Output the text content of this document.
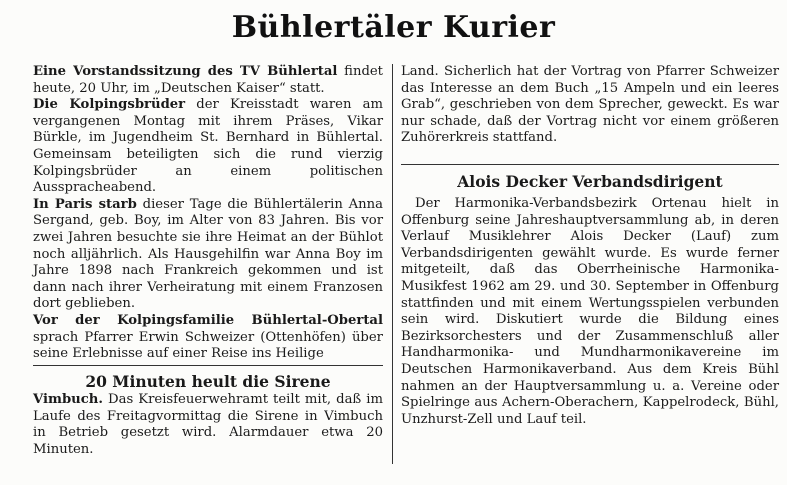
Bühlertäler Kurier

Eine Vorstandssitzung des TV Bühlertal findet heute, 20 Uhr, im „Deutschen Kaiser“ statt.

Die Kolpingsbrüder der Kreisstadt waren am vergangenen Montag mit ihrem Präses, Vikar Bürkle, im Jugendheim St. Bernhard in Bühlertal. Gemeinsam beteiligten sich die rund vierzig Kolpingsbrüder an einem politischen Ausspracheabend.

In Paris starb dieser Tage die Bühlertälerin Anna Sergand, geb. Boy, im Alter von 83 Jahren. Bis vor zwei Jahren besuchte sie ihre Heimat an der Bühlot noch alljährlich. Als Hausgehilfin war Anna Boy im Jahre 1898 nach Frankreich gekommen und ist dann nach ihrer Verheiratung mit einem Franzosen dort geblieben.

Vor der Kolpingsfamilie Bühlertal-Obertal sprach Pfarrer Erwin Schweizer (Ottenhöfen) über seine Erlebnisse auf einer Reise ins Heilige

20 Minuten heult die Sirene

Vimbuch. Das Kreisfeuerwehramt teilt mit, daß im Laufe des Freitagvormittag die Sirene in Vimbuch in Betrieb gesetzt wird. Alarmdauer etwa 20 Minuten.

Land. Sicherlich hat der Vortrag von Pfarrer Schweizer das Interesse an dem Buch „15 Ampeln und ein leeres Grab“, geschrieben von dem Sprecher, geweckt. Es war nur schade, daß der Vortrag nicht vor einem größeren Zuhörerkreis stattfand.

Alois Decker Verbandsdirigent

Der Harmonika-Verbandsbezirk Ortenau hielt in Offenburg seine Jahreshauptversammlung ab, in deren Verlauf Musiklehrer Alois Decker (Lauf) zum Verbandsdirigenten gewählt wurde. Es wurde ferner mitgeteilt, daß das Oberrheinische Harmonika-Musikfest 1962 am 29. und 30. September in Offenburg stattfinden und mit einem Wertungsspielen verbunden sein wird. Diskutiert wurde die Bildung eines Bezirksorchesters und der Zusammenschluß aller Handharmonika- und Mundharmonikavereine im Deutschen Harmonikaverband. Aus dem Kreis Bühl nahmen an der Hauptversammlung u. a. Vereine oder Spielringe aus Achern-Oberachern, Kappelrodeck, Bühl, Unzhurst-Zell und Lauf teil.
